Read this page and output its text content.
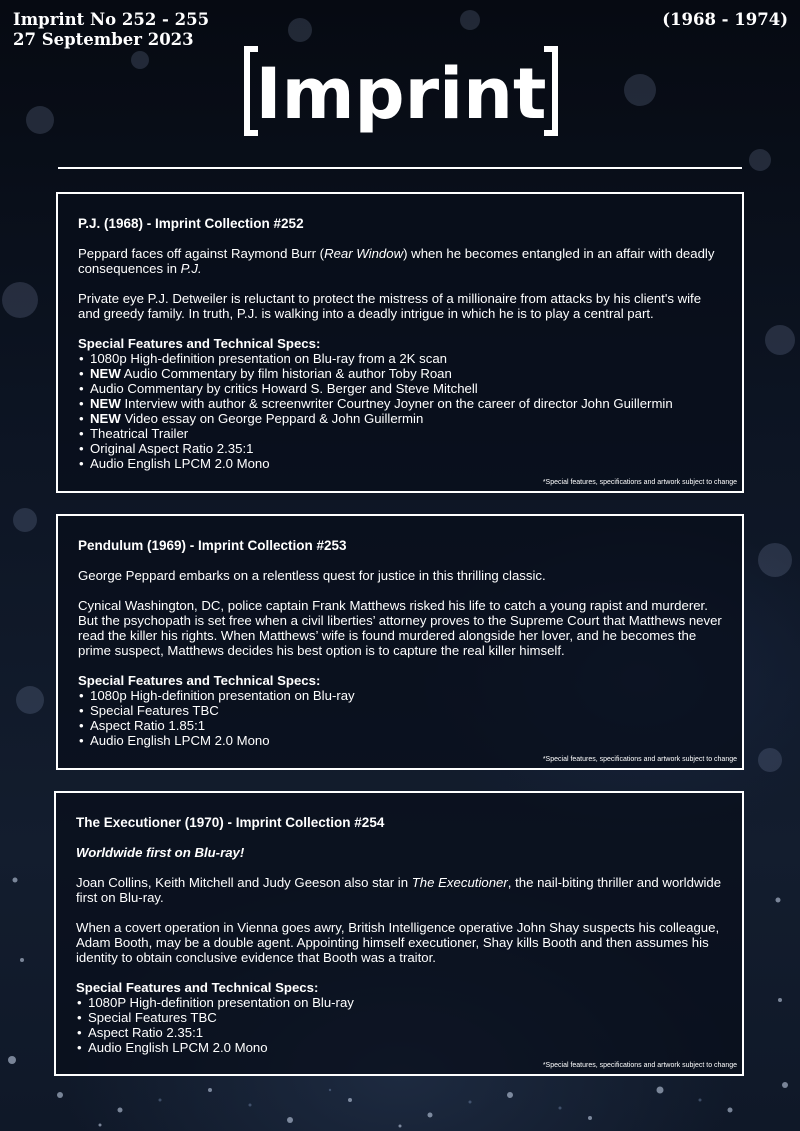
Imprint No 252 - 255
27 September 2023
(1968 - 1974)
Imprint
P.J. (1968) - Imprint Collection #252

Peppard faces off against Raymond Burr (Rear Window) when he becomes entangled in an affair with deadly consequences in P.J.

Private eye P.J. Detweiler is reluctant to protect the mistress of a millionaire from attacks by his client's wife and greedy family. In truth, P.J. is walking into a deadly intrigue in which he is to play a central part.

Special Features and Technical Specs:
• 1080p High-definition presentation on Blu-ray from a 2K scan
• NEW Audio Commentary by film historian & author Toby Roan
• Audio Commentary by critics Howard S. Berger and Steve Mitchell
• NEW Interview with author & screenwriter Courtney Joyner on the career of director John Guillermin
• NEW Video essay on George Peppard & John Guillermin
• Theatrical Trailer
• Original Aspect Ratio 2.35:1
• Audio English LPCM 2.0 Mono
*Special features, specifications and artwork subject to change
Pendulum (1969) - Imprint Collection #253

George Peppard embarks on a relentless quest for justice in this thrilling classic.

Cynical Washington, DC, police captain Frank Matthews risked his life to catch a young rapist and murderer. But the psychopath is set free when a civil liberties’ attorney proves to the Supreme Court that Matthews never read the killer his rights. When Matthews’ wife is found murdered alongside her lover, and he becomes the prime suspect, Matthews decides his best option is to capture the real killer himself.

Special Features and Technical Specs:
• 1080p High-definition presentation on Blu-ray
• Special Features TBC
• Aspect Ratio 1.85:1
• Audio English LPCM 2.0 Mono
*Special features, specifications and artwork subject to change
The Executioner (1970) - Imprint Collection #254

Worldwide first on Blu-ray!

Joan Collins, Keith Mitchell and Judy Geeson also star in The Executioner, the nail-biting thriller and worldwide first on Blu-ray.

When a covert operation in Vienna goes awry, British Intelligence operative John Shay suspects his colleague, Adam Booth, may be a double agent. Appointing himself executioner, Shay kills Booth and then assumes his identity to obtain conclusive evidence that Booth was a traitor.

Special Features and Technical Specs:
• 1080P High-definition presentation on Blu-ray
• Special Features TBC
• Aspect Ratio 2.35:1
• Audio English LPCM 2.0 Mono
*Special features, specifications and artwork subject to change
